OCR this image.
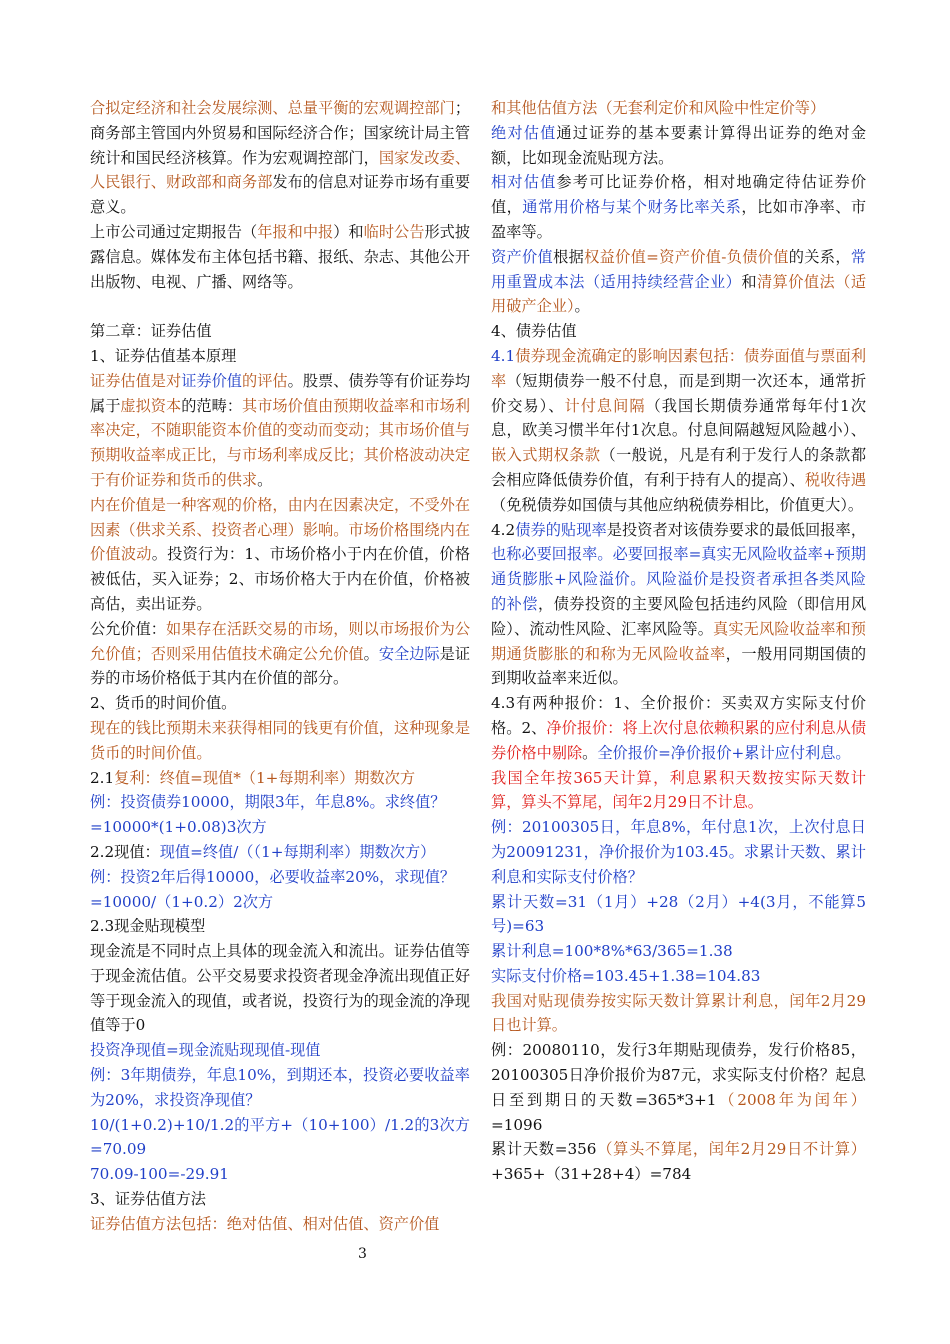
合拟定经济和社会发展综测、总量平衡的宏观调控部门；商务部主管国内外贸易和国际经济合作；国家统计局主管统计和国民经济核算。作为宏观调控部门，国家发改委、人民银行、财政部和商务部发布的信息对证券市场有重要意义。

上市公司通过定期报告（年报和中报）和临时公告形式披露信息。媒体发布主体包括书籍、报纸、杂志、其他公开出版物、电视、广播、网络等。

第二章：证券估值

1、证券估值基本原理

证券估值是对证券价值的评估。股票、债券等有价证券均属于虚拟资本的范畴：其市场价值由预期收益率和市场利率决定，不随职能资本价值的变动而变动；其市场价值与预期收益率成正比，与市场利率成反比；其价格波动决定于有价证券和货币的供求。

内在价值是一种客观的价格，由内在因素决定，不受外在因素（供求关系、投资者心理）影响。市场价格围绕内在价值波动。投资行为：1、市场价格小于内在价值，价格被低估，买入证券；2、市场价格大于内在价值，价格被高估，卖出证券。

公允价值：如果存在活跃交易的市场，则以市场报价为公允价值；否则采用估值技术确定公允价值。安全边际是证券的市场价格低于其内在价值的部分。

2、货币的时间价值。

现在的钱比预期未来获得相同的钱更有价值，这种现象是货币的时间价值。

2.1复利：终值=现值*（1+每期利率）期数次方

例：投资债券10000，期限3年，年息8%。求终值？

=10000*(1+0.08)3次方

2.2现值：现值=终值/（（1+每期利率）期数次方）

例：投资2年后得10000，必要收益率20%，求现值？

=10000/（1+0.2）2次方

2.3现金贴现模型

现金流是不同时点上具体的现金流入和流出。证券估值等于现金流估值。公平交易要求投资者现金净流出现值正好等于现金流入的现值，或者说，投资行为的现金流的净现值等于0

投资净现值=现金流贴现现值-现值

例：3年期债券，年息10%，到期还本，投资必要收益率为20%，求投资净现值？

10/(1+0.2)+10/1.2的平方+（10+100）/1.2的3次方=70.09

70.09-100=-29.91

3、证券估值方法

证券估值方法包括：绝对估值、相对估值、资产价值

和其他估值方法（无套利定价和风险中性定价等）

绝对估值通过证券的基本要素计算得出证券的绝对金额，比如现金流贴现方法。

相对估值参考可比证券价格，相对地确定待估证券价值，通常用价格与某个财务比率关系，比如市净率、市盈率等。

资产价值根据权益价值=资产价值-负债价值的关系，常用重置成本法（适用持续经营企业）和清算价值法（适用破产企业）。

4、债券估值

4.1债券现金流确定的影响因素包括：债券面值与票面利率（短期债券一般不付息，而是到期一次还本，通常折价交易）、计付息间隔（我国长期债券通常每年付1次息，欧美习惯半年付1次息。付息间隔越短风险越小）、嵌入式期权条款（一般说，凡是有利于发行人的条款都会相应降低债券价值，有利于持有人的提高）、税收待遇（免税债券如国债与其他应纳税债券相比，价值更大）。

4.2债券的贴现率是投资者对该债券要求的最低回报率，也称必要回报率。必要回报率=真实无风险收益率+预期通货膨胀+风险溢价。风险溢价是投资者承担各类风险的补偿，债券投资的主要风险包括违约风险（即信用风险）、流动性风险、汇率风险等。真实无风险收益率和预期通货膨胀的和称为无风险收益率，一般用同期国债的到期收益率来近似。

4.3有两种报价：1、全价报价：买卖双方实际支付价格。2、净价报价：将上次付息依赖积累的应付利息从债券价格中剔除。全价报价=净价报价+累计应付利息。

我国全年按365天计算，利息累积天数按实际天数计算，算头不算尾，闰年2月29日不计息。

例：20100305日，年息8%，年付息1次，上次付息日为20091231，净价报价为103.45。求累计天数、累计利息和实际支付价格？

累计天数=31（1月）+28（2月）+4(3月，不能算5号)=63

累计利息=100*8%*63/365=1.38

实际支付价格=103.45+1.38=104.83

我国对贴现债券按实际天数计算累计利息，闰年2月29日也计算。

例：20080110，发行3年期贴现债券，发行价格85，20100305日净价报价为87元，求实际支付价格？起息日至到期日的天数=365*3+1（2008年为闰年）=1096

累计天数=356（算头不算尾，闰年2月29日不计算）+365+（31+28+4）=784

3
